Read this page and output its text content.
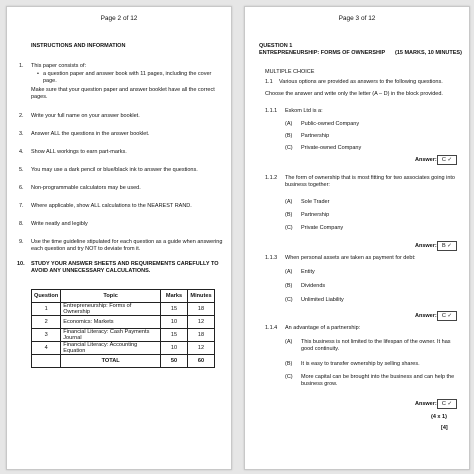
Page 2 of 12
INSTRUCTIONS AND INFORMATION
1. This paper consists of:
• a question paper and answer book with 11 pages, including the cover page.
Make sure that your question paper and answer booklet have all the correct pages.
2. Write your full name on your answer booklet.
3. Answer ALL the questions in the answer booklet.
4. Show ALL workings to earn part-marks.
5. You may use a dark pencil or blue/black ink to answer the questions.
6. Non-programmable calculators may be used.
7. Where applicable, show ALL calculations to the NEAREST RAND.
8. Write neatly and legibly
9. Use the time guideline stipulated for each question as a guide when answering each question and try NOT to deviate from it.
10. STUDY YOUR ANSWER SHEETS AND REQUIREMENTS CAREFULLY TO AVOID ANY UNNECESSARY CALCULATIONS.
Question	Topic	Marks	Minutes
1	Entrepreneurship: Forms of Ownership	15	18
2	Economics: Markets	10	12
3	Financial Literacy: Cash Payments Journal	15	18
4	Financial Literacy: Accounting Equation	10	12
	TOTAL	50	60
Page 3 of 12
QUESTION 1
ENTREPRENEURSHIP: FORMS OF OWNERSHIP (15 MARKS, 10 MINUTES)
MULTIPLE CHOICE
1.1 Various options are provided as answers to the following questions.
Choose the answer and write only the letter (A – D) in the block provided.
1.1.1 Eskom Ltd is a:
(A) Public-owned Company
(B) Partnership
(C) Private-owned Company
Answer: C ✓
1.1.2 The form of ownership that is most fitting for two associates going into business together:
(A) Sole Trader
(B) Partnership
(C) Private Company
Answer: B ✓
1.1.3 When personal assets are taken as payment for debt:
(A) Entity
(B) Dividends
(C) Unlimited Liability
Answer: C ✓
1.1.4 An advantage of a partnership:
(A) This business is not limited to the lifespan of the owner. It has good continuity.
(B) It is easy to transfer ownership by selling shares.
(C) More capital can be brought into the business and can help the business grow.
Answer: C ✓
(4 x 1)
[4]
